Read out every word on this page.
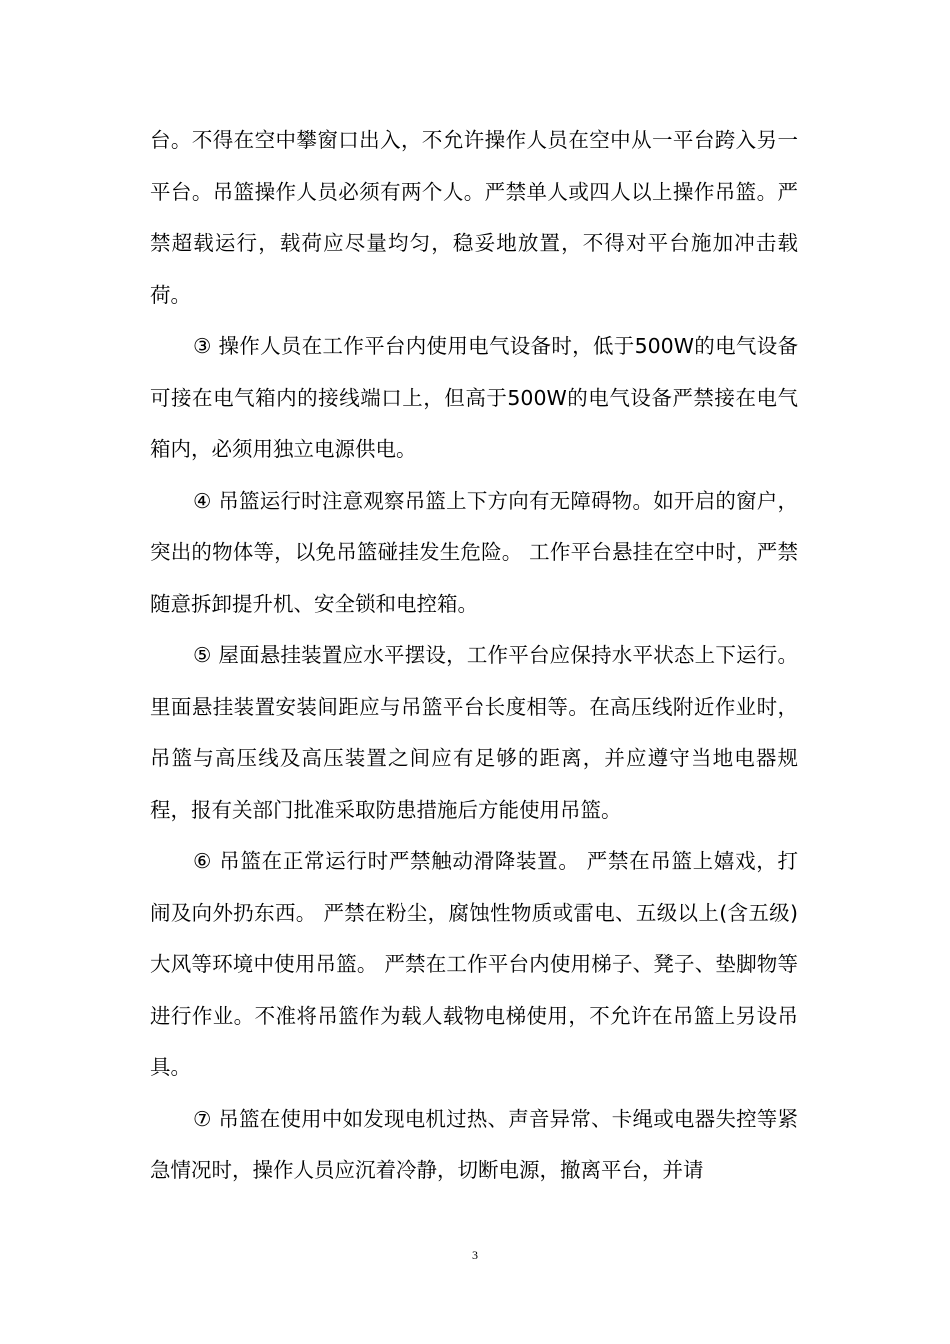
台。不得在空中攀窗口出入，不允许操作人员在空中从一平台跨入另一平台。吊篮操作人员必须有两个人。严禁单人或四人以上操作吊篮。严禁超载运行，载荷应尽量均匀，稳妥地放置，不得对平台施加冲击载荷。

③ 操作人员在工作平台内使用电气设备时，低于500W的电气设备可接在电气箱内的接线端口上，但高于500W的电气设备严禁接在电气箱内，必须用独立电源供电。

④ 吊篮运行时注意观察吊篮上下方向有无障碍物。如开启的窗户，突出的物体等，以免吊篮碰挂发生危险。 工作平台悬挂在空中时，严禁随意拆卸提升机、安全锁和电控箱。

⑤ 屋面悬挂装置应水平摆设，工作平台应保持水平状态上下运行。里面悬挂装置安装间距应与吊篮平台长度相等。在高压线附近作业时，吊篮与高压线及高压装置之间应有足够的距离，并应遵守当地电器规程，报有关部门批准采取防患措施后方能使用吊篮。

⑥ 吊篮在正常运行时严禁触动滑降装置。 严禁在吊篮上嬉戏，打闹及向外扔东西。 严禁在粉尘，腐蚀性物质或雷电、五级以上(含五级)大风等环境中使用吊篮。 严禁在工作平台内使用梯子、凳子、垫脚物等进行作业。不准将吊篮作为载人载物电梯使用，不允许在吊篮上另设吊具。

⑦ 吊篮在使用中如发现电机过热、声音异常、卡绳或电器失控等紧急情况时，操作人员应沉着冷静，切断电源，撤离平台，并请

3
